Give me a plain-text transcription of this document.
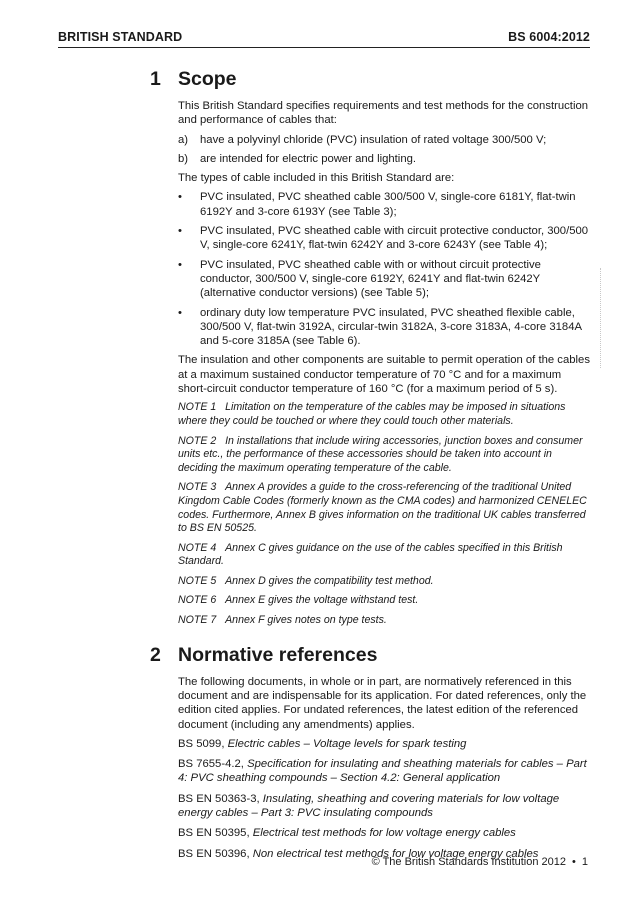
BRITISH STANDARD	BS 6004:2012
1 Scope

This British Standard specifies requirements and test methods for the construction and performance of cables that:

a) have a polyvinyl chloride (PVC) insulation of rated voltage 300/500 V;
b) are intended for electric power and lighting.

The types of cable included in this British Standard are:

• PVC insulated, PVC sheathed cable 300/500 V, single-core 6181Y, flat-twin 6192Y and 3-core 6193Y (see Table 3);
• PVC insulated, PVC sheathed cable with circuit protective conductor, 300/500 V, single-core 6241Y, flat-twin 6242Y and 3-core 6243Y (see Table 4);
• PVC insulated, PVC sheathed cable with or without circuit protective conductor, 300/500 V, single-core 6192Y, 6241Y and flat-twin 6242Y (alternative conductor versions) (see Table 5);
• ordinary duty low temperature PVC insulated, PVC sheathed flexible cable, 300/500 V, flat-twin 3192A, circular-twin 3182A, 3-core 3183A, 4-core 3184A and 5-core 3185A (see Table 6).

The insulation and other components are suitable to permit operation of the cables at a maximum sustained conductor temperature of 70 °C and for a maximum short-circuit conductor temperature of 160 °C (for a maximum period of 5 s).

NOTE 1 Limitation on the temperature of the cables may be imposed in situations where they could be touched or where they could touch other materials.

NOTE 2 In installations that include wiring accessories, junction boxes and consumer units etc., the performance of these accessories should be taken into account in deciding the maximum operating temperature of the cable.

NOTE 3 Annex A provides a guide to the cross-referencing of the traditional United Kingdom Cable Codes (formerly known as the CMA codes) and harmonized CENELEC codes. Furthermore, Annex B gives information on the traditional UK cables transferred to BS EN 50525.

NOTE 4 Annex C gives guidance on the use of the cables specified in this British Standard.

NOTE 5 Annex D gives the compatibility test method.

NOTE 6 Annex E gives the voltage withstand test.

NOTE 7 Annex F gives notes on type tests.

2 Normative references

The following documents, in whole or in part, are normatively referenced in this document and are indispensable for its application. For dated references, only the edition cited applies. For undated references, the latest edition of the referenced document (including any amendments) applies.

BS 5099, Electric cables – Voltage levels for spark testing

BS 7655-4.2, Specification for insulating and sheathing materials for cables – Part 4: PVC sheathing compounds – Section 4.2: General application

BS EN 50363-3, Insulating, sheathing and covering materials for low voltage energy cables – Part 3: PVC insulating compounds

BS EN 50395, Electrical test methods for low voltage energy cables

BS EN 50396, Non electrical test methods for low voltage energy cables

© The British Standards Institution 2012 • 1
